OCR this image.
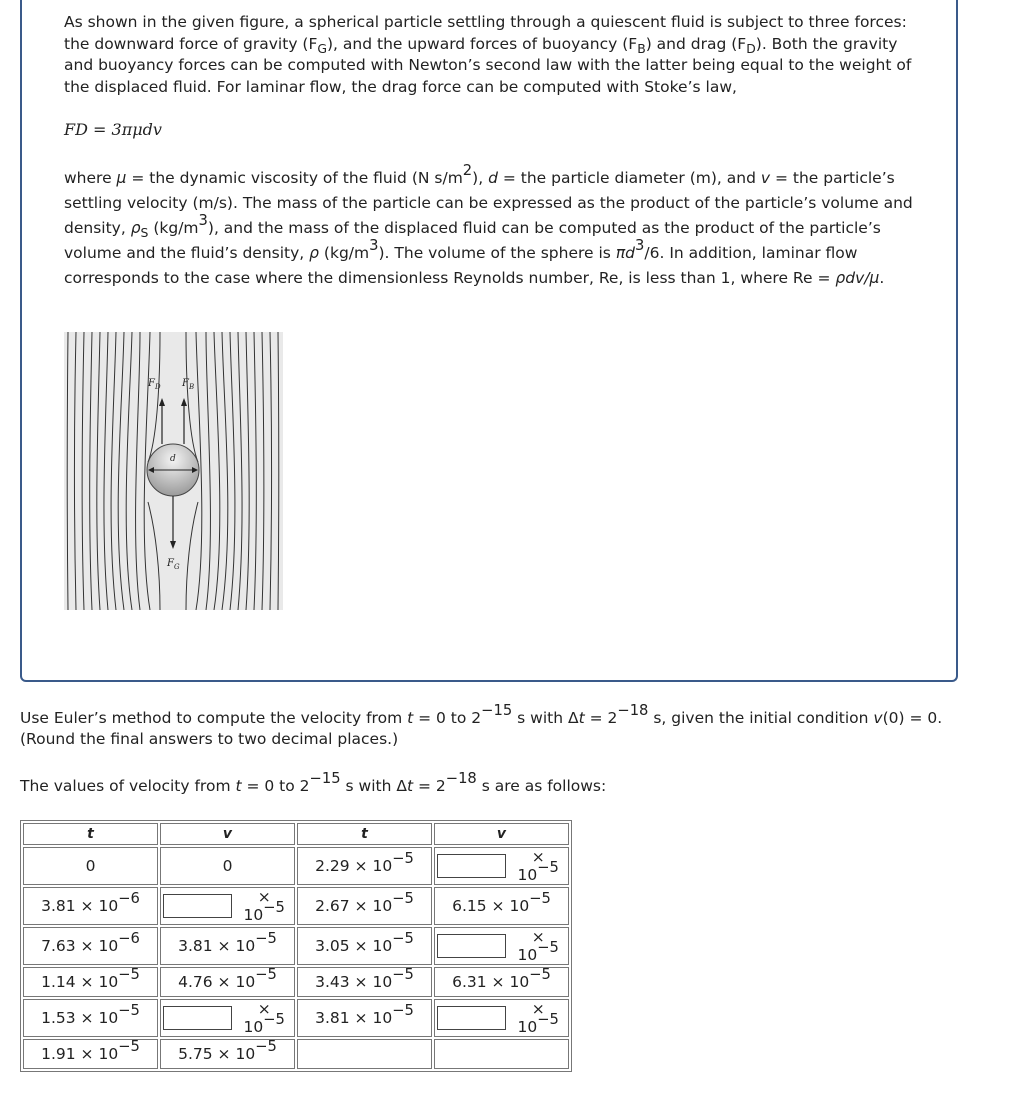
As shown in the given figure, a spherical particle settling through a quiescent fluid is subject to three forces: the downward force of gravity $(F_G)$, and the upward forces of buoyancy $(F_B)$ and drag $(F_D)$. Both the gravity and buoyancy forces can be computed with Newton’s second law with the latter being equal to the weight of the displaced fluid. For laminar flow, the drag force can be computed with Stoke’s law,
FD = 3πμdv
where μ = the dynamic viscosity of the fluid (N $s/m^2$), d = the particle diameter (m), and v = the particle’s settling velocity (m/s). The mass of the particle can be expressed as the product of the particle’s volume and density, $\rho_S$ $(kg/m^3)$, and the mass of the displaced fluid can be computed as the product of the particle’s volume and the fluid’s density, ρ $(kg/m^3)$. The volume of the sphere is $\pi d^3/6$. In addition, laminar flow corresponds to the case where the dimensionless Reynolds number, Re, is less than 1, where Re = ρdv/μ.
$F_D$ $F_B$
d
$F_G$
Use Euler’s method to compute the velocity from t = 0 to $2^{-15}$ s with $\Delta t = 2^{-18}$ s, given the initial condition v(0) = 0.
(Round the final answers to two decimal places.)
The values of velocity from t = 0 to $2^{-15}$ s with $\Delta t = 2^{-18}$ s are as follows:
t	v	t	v
0	0	$2.29 \times 10^{-5}$	× $10^{-5}$

$3.81 \times 10^{-6}$	× $10^{-5}$	$2.67 \times 10^{-5}$	$6.15 \times 10^{-5}$
$7.63 \times 10^{-6}$	$3.81 \times 10^{-5}$	$3.05 \times 10^{-5}$	× $10^{-5}$

$1.14 \times 10^{-5}$	$4.76 \times 10^{-5}$	$3.43 \times 10^{-5}$	$6.31 \times 10^{-5}$
$1.53 \times 10^{-5}$	× $10^{-5}$	$3.81 \times 10^{-5}$	× $10^{-5}$

$1.91 \times 10^{-5}$	$5.75 \times 10^{-5}$		
